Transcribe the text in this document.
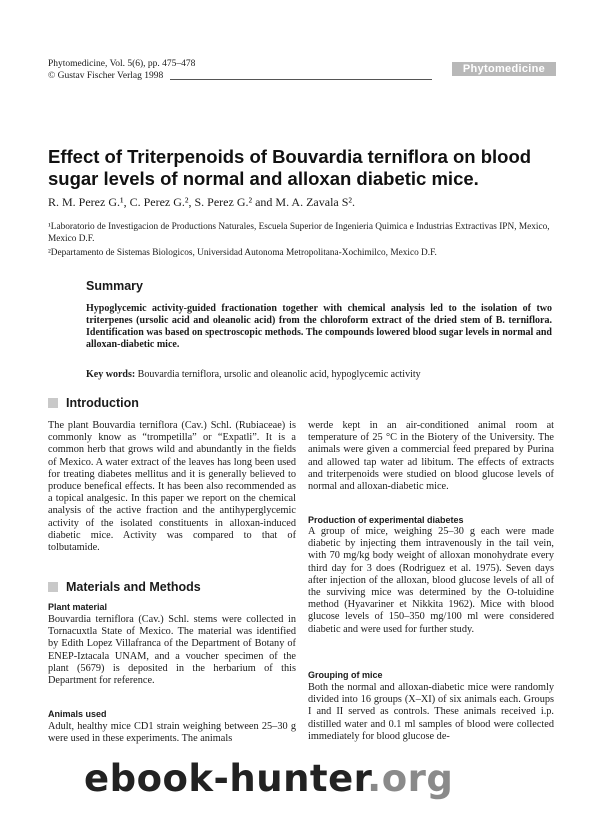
Phytomedicine, Vol. 5(6), pp. 475–478
© Gustav Fischer Verlag 1998
Phytomedicine
Effect of Triterpenoids of Bouvardia terniflora on blood sugar levels of normal and alloxan diabetic mice.
R. M. Perez G.¹, C. Perez G.², S. Perez G.² and M. A. Zavala S².
¹Laboratorio de Investigacion de Productions Naturales, Escuela Superior de Ingenieria Quimica e Industrias Extractivas IPN, Mexico, Mexico D.F.
²Departamento de Sistemas Biologicos, Universidad Autonoma Metropolitana-Xochimilco, Mexico D.F.
Summary
Hypoglycemic activity-guided fractionation together with chemical analysis led to the isolation of two triterpenes (ursolic acid and oleanolic acid) from the chloroform extract of the dried stem of B. terniflora. Identification was based on spectroscopic methods. The compounds lowered blood sugar levels in normal and alloxan-diabetic mice.
Key words: Bouvardia terniflora, ursolic and oleanolic acid, hypoglycemic activity
Introduction
The plant Bouvardia terniflora (Cav.) Schl. (Rubiaceae) is commonly know as “trompetilla” or “Expatli”. It is a common herb that grows wild and abundantly in the fields of Mexico. A water extract of the leaves has long been used for treating diabetes mellitus and it is generally believed to produce benefical effects. It has been also recommended as a topical analgesic. In this paper we report on the chemical analysis of the active fraction and the antihyperglycemic activity of the isolated constituents in alloxan-induced diabetic mice. Activity was compared to that of tolbutamide.
Materials and Methods
Plant material
Bouvardia terniflora (Cav.) Schl. stems were collected in Tornacuxtla State of Mexico. The material was identified by Edith Lopez Villafranca of the Department of Botany of ENEP-Iztacala UNAM, and a voucher specimen of the plant (5679) is deposited in the herbarium of this Department for reference.
Animals used
Adult, healthy mice CD1 strain weighing between 25–30 g were used in these experiments. The animals
werde kept in an air-conditioned animal room at temperature of 25 °C in the Biotery of the University. The animals were given a commercial feed prepared by Purina and allowed tap water ad libitum. The effects of extracts and triterpenoids were studied on blood glucose levels of normal and alloxan-diabetic mice.
Production of experimental diabetes
A group of mice, weighing 25–30 g each were made diabetic by injecting them intravenously in the tail vein, with 70 mg/kg body weight of alloxan monohydrate every third day for 3 does (Rodriguez et al. 1975). Seven days after injection of the alloxan, blood glucose levels of all of the surviving mice was determined by the O-toluidine method (Hyavariner et Nikkita 1962). Mice with blood glucose levels of 150–350 mg/100 ml were considered diabetic and were used for further study.
Grouping of mice
Both the normal and alloxan-diabetic mice were randomly divided into 16 groups (X–XI) of six animals each. Groups I and II served as controls. These animals received i.p. distilled water and 0.1 ml samples of blood were collected immediately for blood glucose de-
ebook-hunter.org
